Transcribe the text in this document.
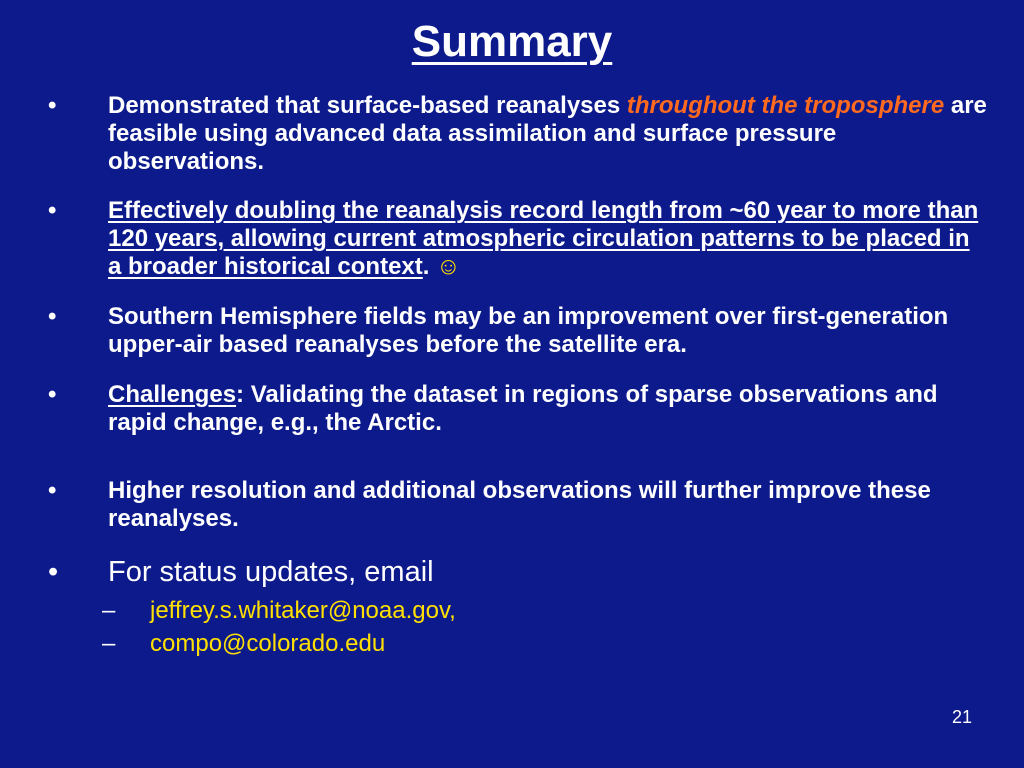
Summary
• Demonstrated that surface-based reanalyses throughout the troposphere are feasible using advanced data assimilation and surface pressure observations.
• Effectively doubling the reanalysis record length from ~60 year to more than 120 years, allowing current atmospheric circulation patterns to be placed in a broader historical context. ☺
• Southern Hemisphere fields may be an improvement over first-generation upper-air based reanalyses before the satellite era.
• Challenges: Validating the dataset in regions of sparse observations and rapid change, e.g., the Arctic.
• Higher resolution and additional observations will further improve these reanalyses.
• For status updates, email
– jeffrey.s.whitaker@noaa.gov,
– compo@colorado.edu
21
